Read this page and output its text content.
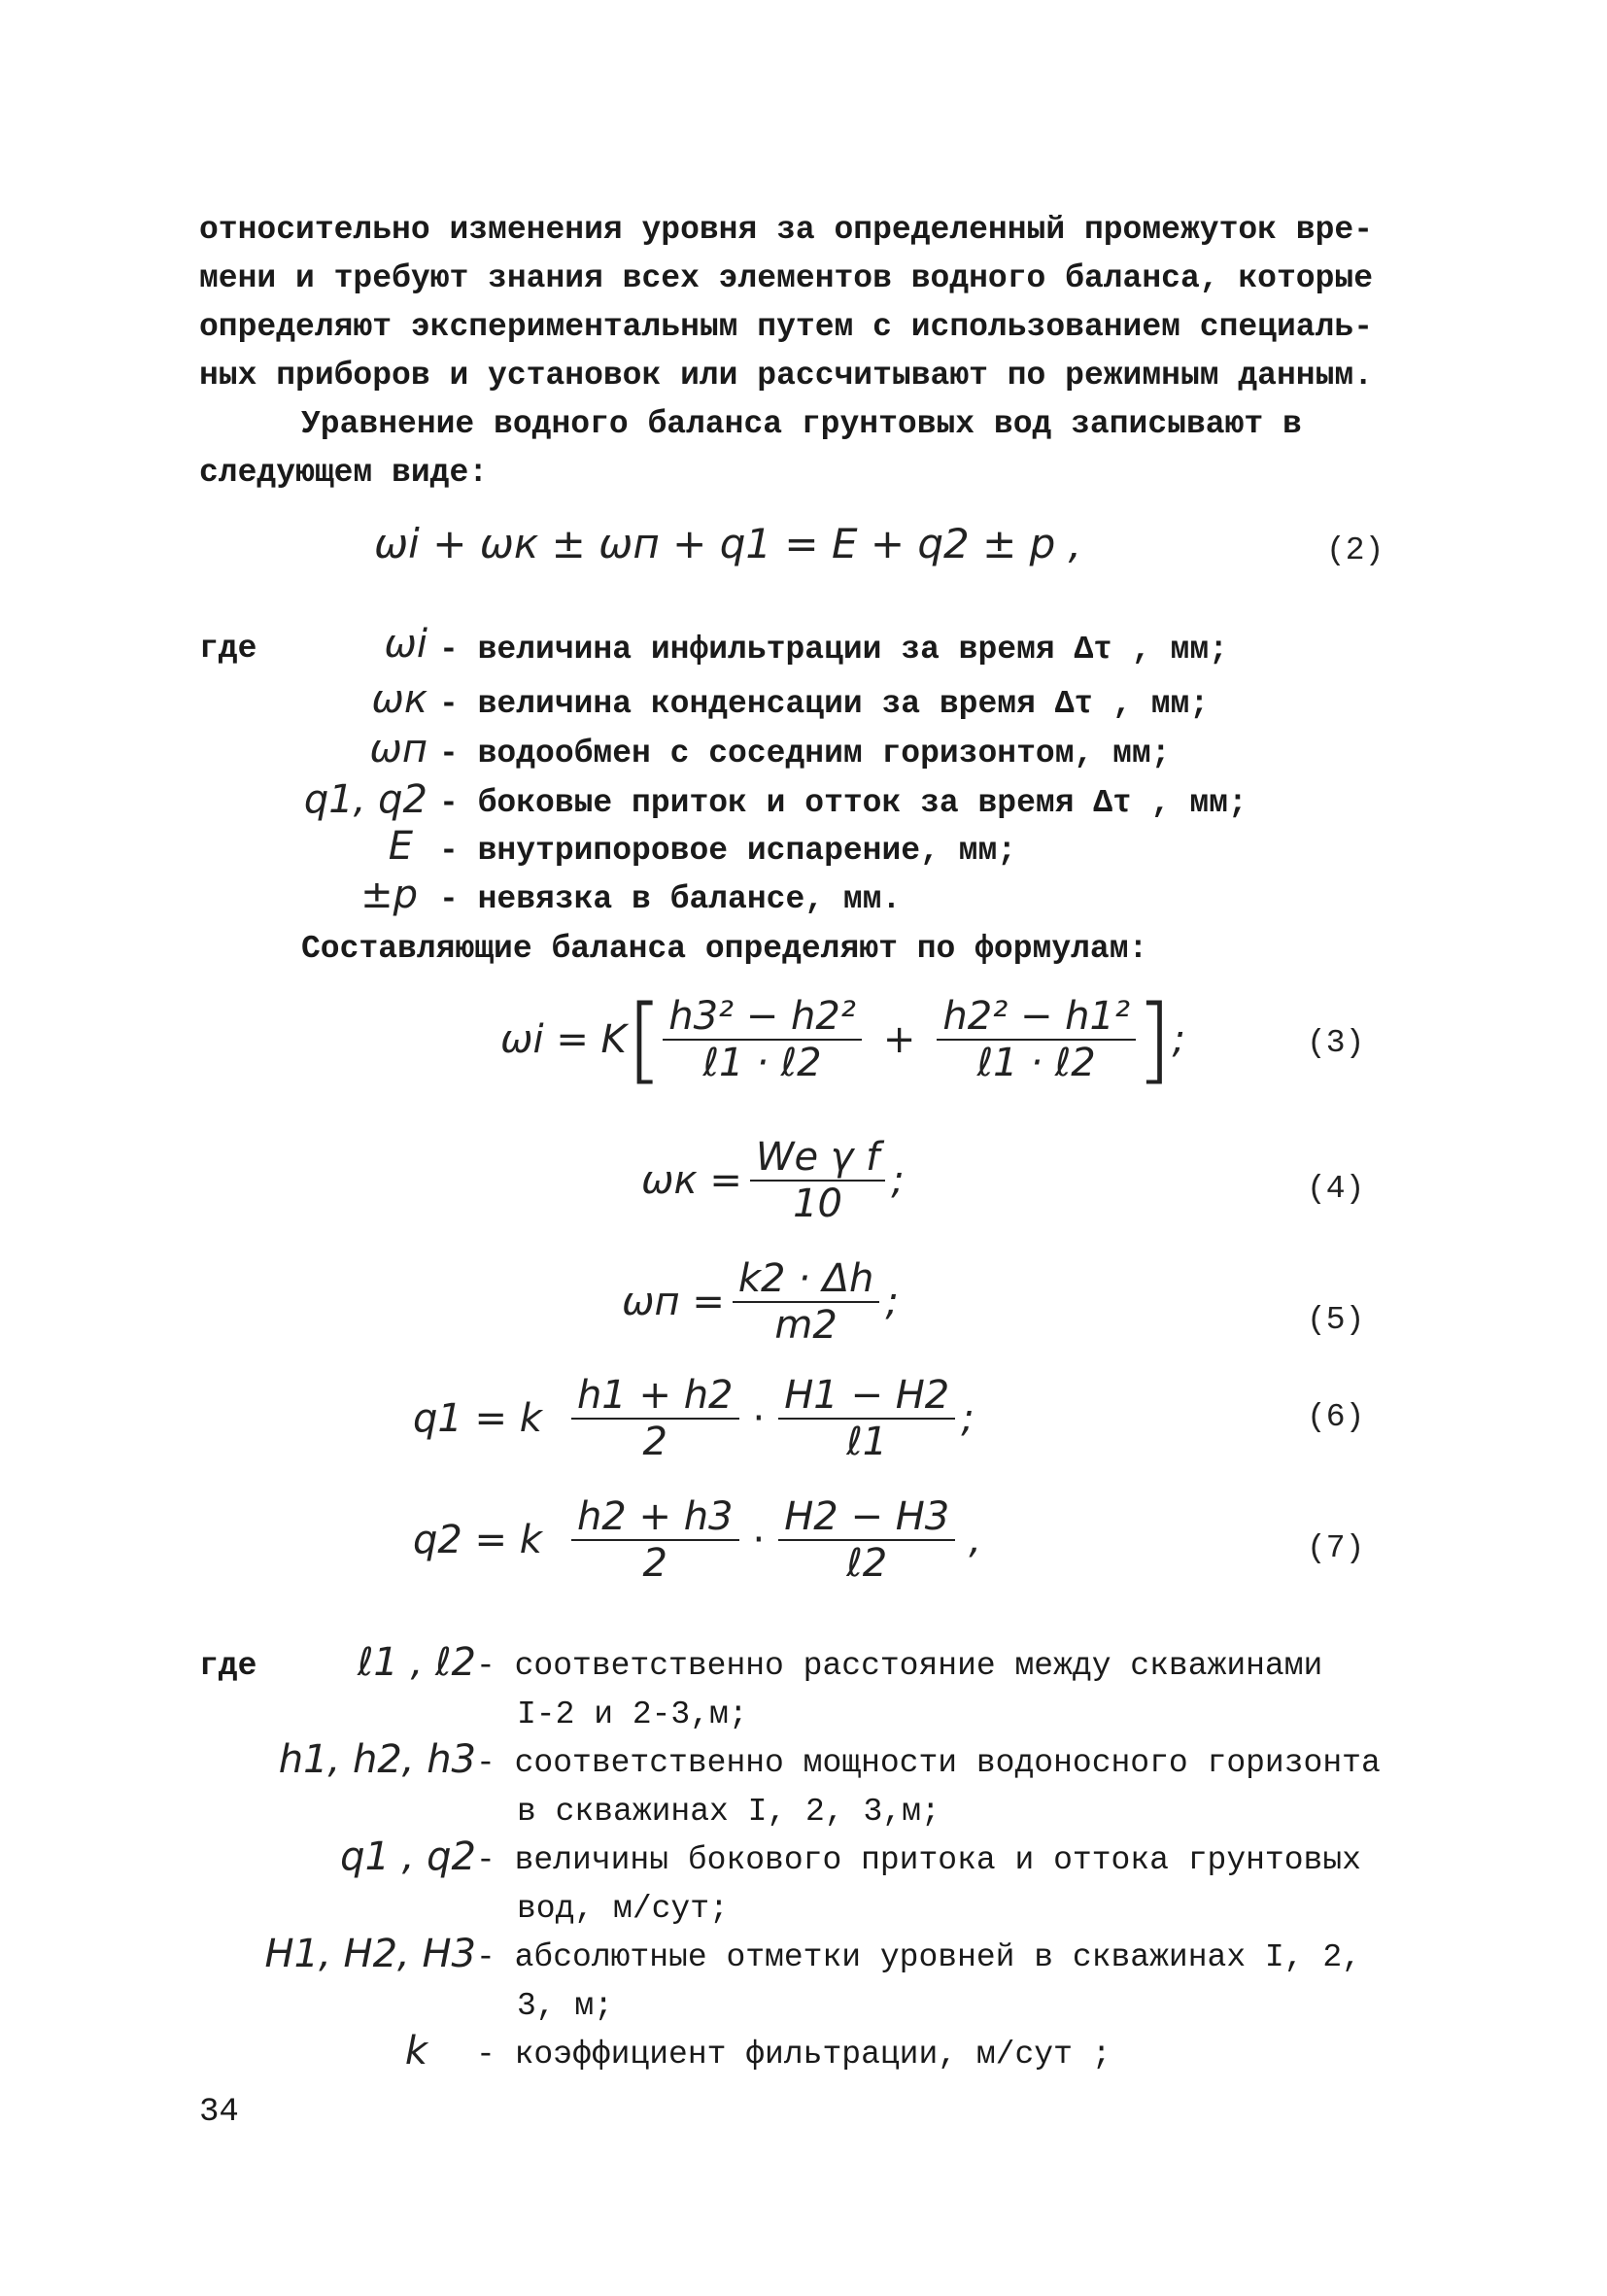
относительно изменения уровня за определенный промежуток вре-
мени и требуют знания всех элементов водного баланса, которые
определяют экспериментальным путем с использованием специаль-
ных приборов и установок или рассчитывают по режимным данным.
Уравнение водного баланса грунтовых вод записывают в
следующем виде:
ωi + ωк ± ωп + q1 = E + q2 ± p ,	(2)
где	ωi - величина инфильтрации за время Δτ , мм;
ωк - величина конденсации за время Δτ , мм;
ωп - водообмен с соседним горизонтом, мм;
q1, q2 - боковые приток и отток за время Δτ , мм;
E - внутрипоровое испарение, мм;
±p - невязка в балансе, мм.
Составляющие баланса определяют по формулам:
ωi = K [ $\frac{\text{h3² − h2²}}{\text{ℓ1 · ℓ2}} + \frac{\text{h2² − h1²}}{\text{ℓ1 · ℓ2}}$ ] ;	(3)
$\omega к = \frac{\text{Wе γ f}}{10}$ ;	(4)
$\omega п = \frac{k2 \cdot \Delta h}{m2}$ ;	(5)
q1 = k $\frac{h1 + h2}{2} \cdot \frac{H1 - H2}{\text{ℓ1}}$ ;	(6)
q2 = k $\frac{h2 + h3}{2} \cdot \frac{H2 - H3}{\text{ℓ2}}$ ,	(7)
где	ℓ1 , ℓ2 - соответственно расстояние между скважинами
I-2 и 2-3,м;
h1, h2, h3 - соответственно мощности водоносного горизонта
в скважинах I, 2, 3,м;
q1 , q2 - величины бокового притока и оттока грунтовых
вод, м/сут;
H1, H2, H3 - абсолютные отметки уровней в скважинах I, 2,
3, м;
k - коэффициент фильтрации, м/сут ;
34
